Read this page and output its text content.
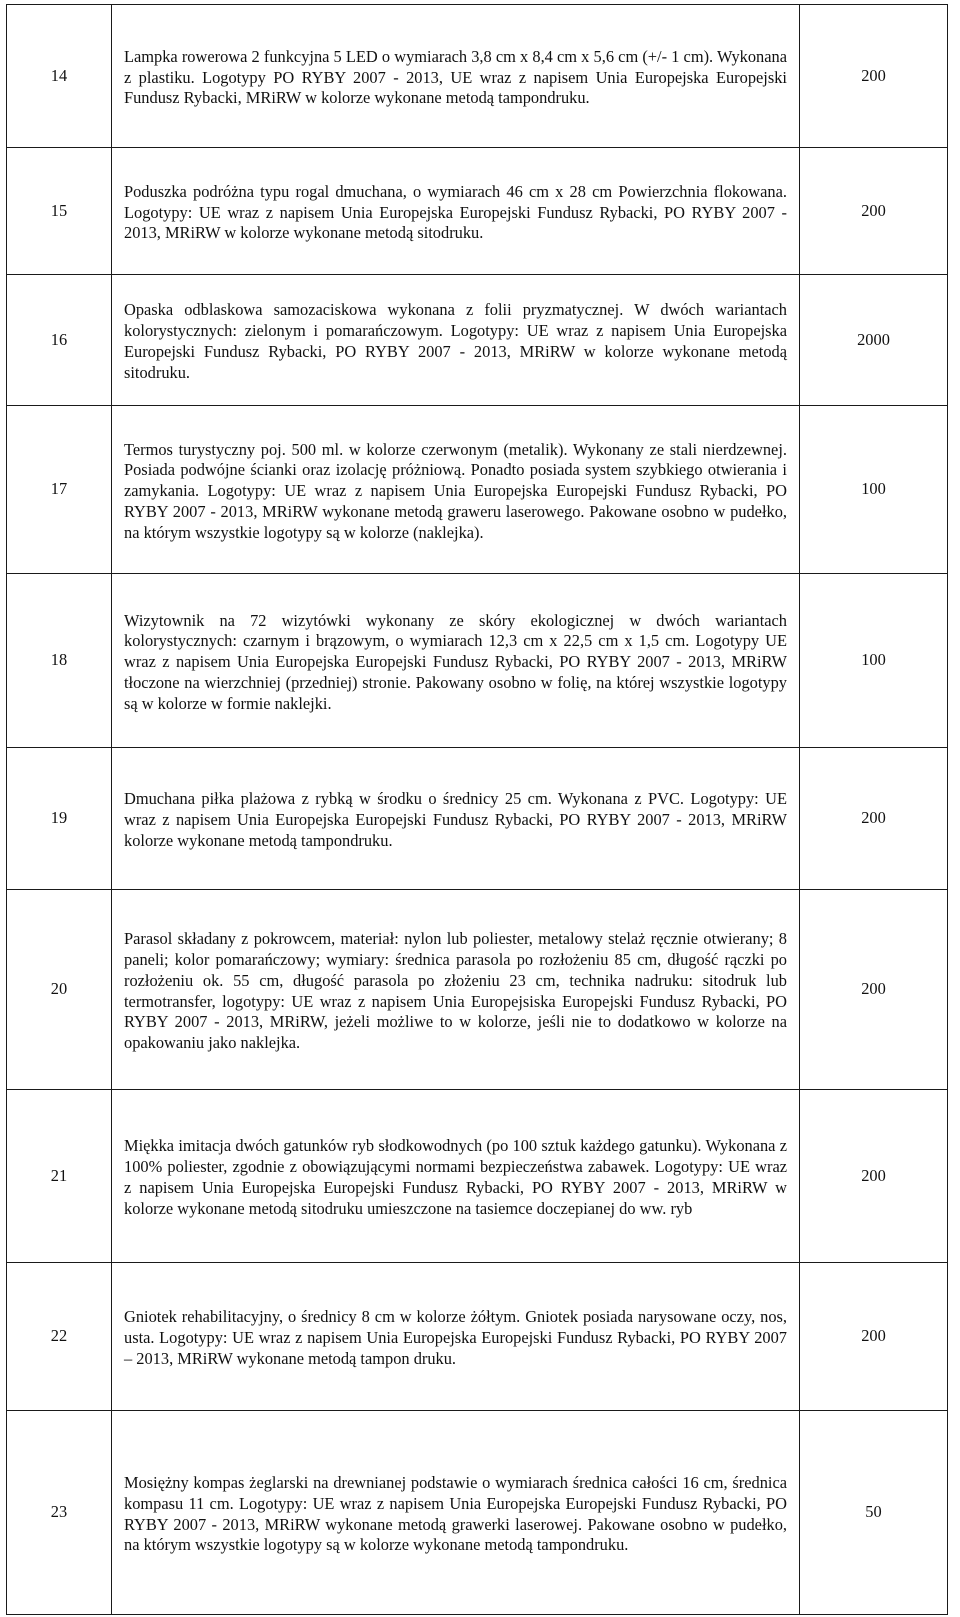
14	Lampka rowerowa 2 funkcyjna 5 LED o wymiarach 3,8 cm x 8,4 cm x 5,6 cm (+/- 1 cm). Wykonana z plastiku. Logotypy PO RYBY 2007 - 2013, UE wraz z napisem Unia Europejska Europejski Fundusz Rybacki, MRiRW w kolorze wykonane metodą tampondruku.	200
15	Poduszka podróżna typu rogal dmuchana, o wymiarach 46 cm x 28 cm Powierzchnia flokowana. Logotypy: UE wraz z napisem Unia Europejska Europejski Fundusz Rybacki, PO RYBY 2007 - 2013, MRiRW w kolorze wykonane metodą sitodruku.	200
16	Opaska odblaskowa samozaciskowa wykonana z folii pryzmatycznej. W dwóch wariantach kolorystycznych: zielonym i pomarańczowym. Logotypy: UE wraz z napisem Unia Europejska Europejski Fundusz Rybacki, PO RYBY 2007 - 2013, MRiRW w kolorze wykonane metodą sitodruku.	2000
17	Termos turystyczny poj. 500 ml. w kolorze czerwonym (metalik). Wykonany ze stali nierdzewnej. Posiada podwójne ścianki oraz izolację próżniową. Ponadto posiada system szybkiego otwierania i zamykania. Logotypy: UE wraz z napisem Unia Europejska Europejski Fundusz Rybacki, PO RYBY 2007 - 2013, MRiRW wykonane metodą graweru laserowego. Pakowane osobno w pudełko, na którym wszystkie logotypy są w kolorze (naklejka).	100
18	Wizytownik na 72 wizytówki wykonany ze skóry ekologicznej w dwóch wariantach kolorystycznych: czarnym i brązowym, o wymiarach 12,3 cm x 22,5 cm x 1,5 cm. Logotypy UE wraz z napisem Unia Europejska Europejski Fundusz Rybacki, PO RYBY 2007 - 2013, MRiRW tłoczone na wierzchniej (przedniej) stronie. Pakowany osobno w folię, na której wszystkie logotypy są w kolorze w formie naklejki.	100
19	Dmuchana piłka plażowa z rybką w środku o średnicy 25 cm. Wykonana z PVC. Logotypy: UE wraz z napisem Unia Europejska Europejski Fundusz Rybacki, PO RYBY 2007 - 2013, MRiRW kolorze wykonane metodą tampondruku.	200
20	Parasol składany z pokrowcem, materiał: nylon lub poliester, metalowy stelaż ręcznie otwierany; 8 paneli; kolor pomarańczowy; wymiary: średnica parasola po rozłożeniu 85 cm, długość rączki po rozłożeniu ok. 55 cm, długość parasola po złożeniu 23 cm, technika nadruku: sitodruk lub termotransfer, logotypy: UE wraz z napisem Unia Europejsiska Europejski Fundusz Rybacki, PO RYBY 2007 - 2013, MRiRW, jeżeli możliwe to w kolorze, jeśli nie to dodatkowo w kolorze na opakowaniu jako naklejka.	200
21	Miękka imitacja dwóch gatunków ryb słodkowodnych (po 100 sztuk każdego gatunku). Wykonana z 100% poliester, zgodnie z obowiązującymi normami bezpieczeństwa zabawek. Logotypy: UE wraz z napisem Unia Europejska Europejski Fundusz Rybacki, PO RYBY 2007 - 2013, MRiRW w kolorze wykonane metodą sitodruku umieszczone na tasiemce doczepianej do ww. ryb	200
22	Gniotek rehabilitacyjny, o średnicy 8 cm w kolorze żółtym. Gniotek posiada narysowane oczy, nos, usta. Logotypy: UE wraz z napisem Unia Europejska Europejski Fundusz Rybacki, PO RYBY 2007 – 2013, MRiRW wykonane metodą tampon druku.	200
23	Mosiężny kompas żeglarski na drewnianej podstawie o wymiarach średnica całości 16 cm, średnica kompasu 11 cm. Logotypy: UE wraz z napisem Unia Europejska Europejski Fundusz Rybacki, PO RYBY 2007 - 2013, MRiRW wykonane metodą grawerki laserowej. Pakowane osobno w pudełko, na którym wszystkie logotypy są w kolorze wykonane metodą tampondruku.	50
